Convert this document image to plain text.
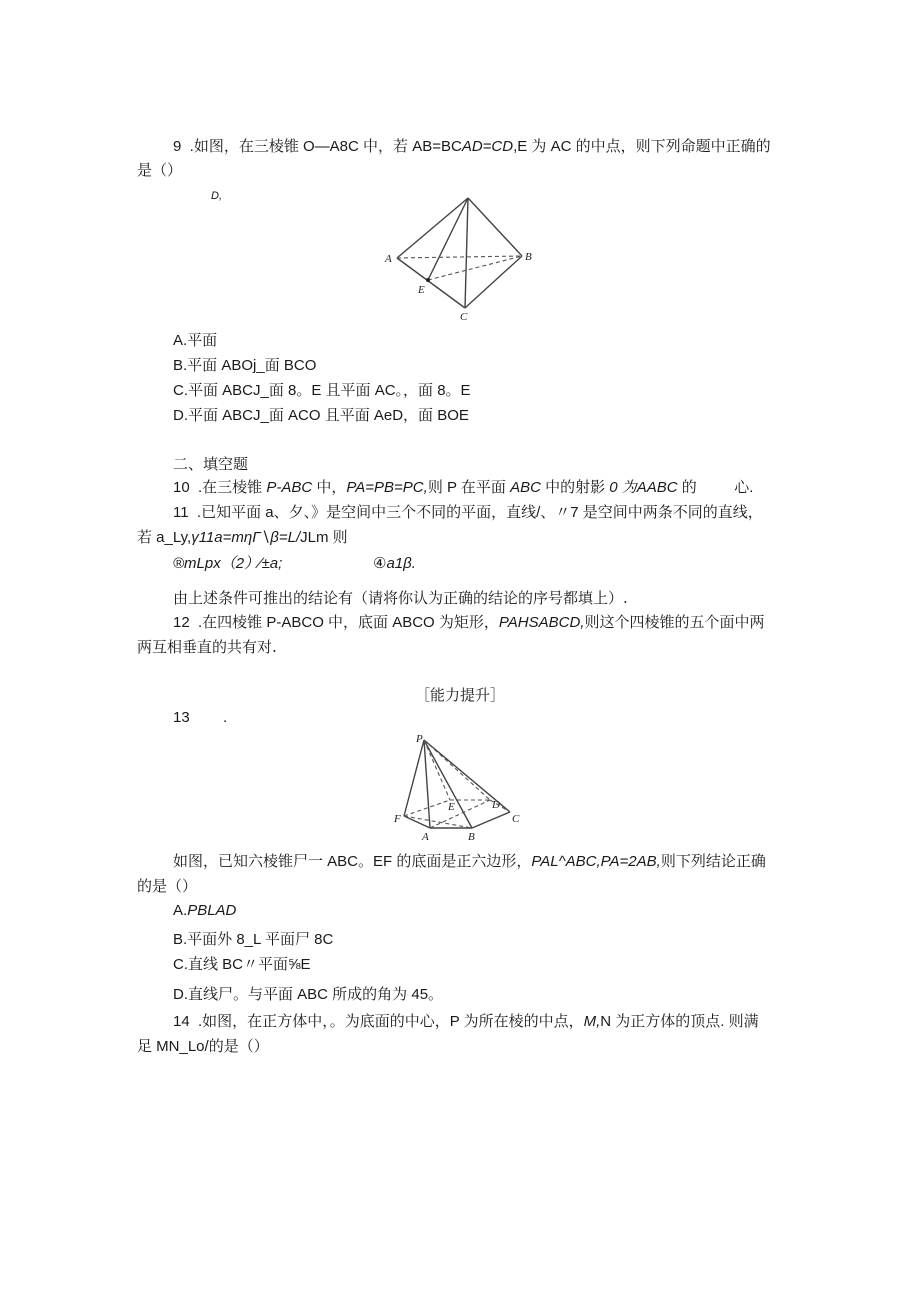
9  .如图，在三棱锥 O—A8C 中，若 AB=BCAD=CD,E 为 AC 的中点，则下列命题中正确的
是（）
D,
A	B
C
E
A.平面
B.平面 ABOj_面 BCO
C.平面 ABCJ_面 8。E 且平面 AC。，面 8。E
D.平面 ABCJ_面 ACO 且平面 AeD，面 BOE
二、填空题
10  .在三棱锥 P-ABC 中，PA=PB=PC,则 P 在平面 ABC 中的射影 0 为AABC 的         心.
11  .已知平面 a、夕、》是空间中三个不同的平面，直线/、〃7 是空间中两条不同的直线，
若 a_Ly,γ11a=mηΓ∖β=L/JLm 则
®mLpx（2）∕±a;	④a1β.
由上述条件可推出的结论有（请将你认为正确的结论的序号都填上）.
12  .在四棱锥 P-ABCO 中，底面 ABCO 为矩形，PAHSABCD,则这个四棱锥的五个面中两
两互相垂直的共有对.
［能力提升］
13        .
P
F
A	B
C
D
E
如图，已知六棱锥尸一 ABC。EF 的底面是正六边形，PAL^ABC,PA=2AB,则下列结论正确
的是（）
A.PBLAD
B.平面外 8_L 平面尸 8C
C.直线 BC〃平面⅝E
D.直线尸。与平面 ABC 所成的角为 45。
14  .如图，在正方体中，。为底面的中心，P 为所在棱的中点，M,N 为正方体的顶点. 则满
足 MN_Lo/的是（）
